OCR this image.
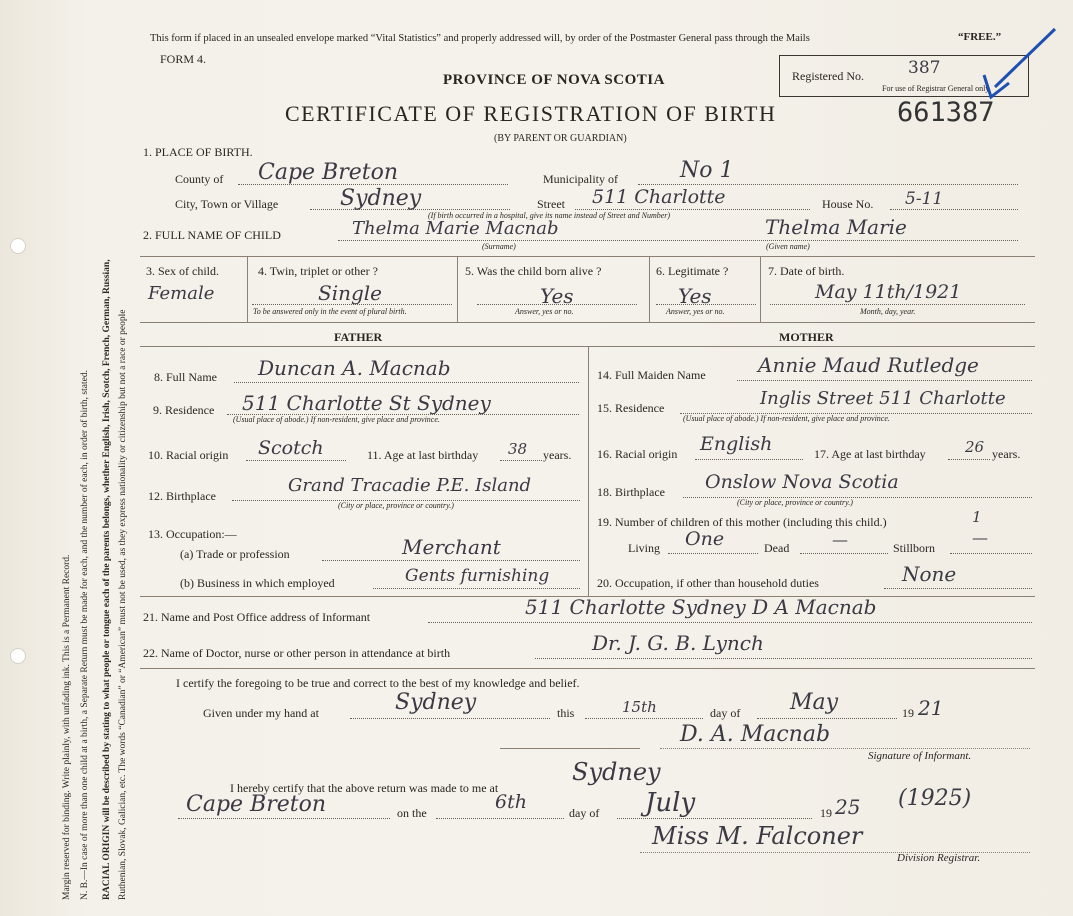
Margin reserved for binding. Write plainly, with unfading ink. This is a Permanent Record. N. B.—In case of more than one child at a birth, a Separate Return must be made for each, and the number of each, in order of birth, stated. RACIAL ORIGIN will be described by stating to what people or tongue each of the parents belongs, whether English, Irish, Scotch, French, German, Russian, Ruthenian, Slovak, Galician, etc. The words “Canadian” or “American” must not be used, as they express nationality or citizenship but not a race or people
This form if placed in an unsealed envelope marked “Vital Statistics” and properly addressed will, by order of the Postmaster General pass through the Mails	“FREE.”
FORM 4.
PROVINCE OF NOVA SCOTIA
CERTIFICATE OF REGISTRATION OF BIRTH
(BY PARENT OR GUARDIAN)
661387
Registered No.	387
For use of Registrar General only.
1. PLACE OF BIRTH.
County of Cape Breton	Municipality of	No 1
City, Town or Village	Sydney	Street 511 Charlotte	House No. 5-11
(If birth occurred in a hospital, give its name instead of Street and Number)
2. FULL NAME OF CHILD	Thelma Marie Macnab
(Surname)
Thelma Marie
(Given name)
3. Sex of child.
Female
4. Twin, triplet or other ?
Single
To be answered only in the event of plural birth.
5. Was the child born alive ?
Yes
Answer, yes or no.
6. Legitimate ?
Yes
Answer, yes or no.
7. Date of birth.
May 11th/1921
Month, day, year.
FATHER	MOTHER
8. Full Name Duncan A. Macnab
9. Residence 511 Charlotte St Sydney
(Usual place of abode.) If non-resident, give place and province.
10. Racial origin Scotch	11. Age at last birthday 38 years.
12. Birthplace	Grand Tracadie P.E. Island
(City or place, province or country.)
13. Occupation:—
(a) Trade or profession	Merchant
(b) Business in which employed	Gents furnishing
14. Full Maiden Name	Annie Maud Rutledge
15. Residence	Inglis Street 511 Charlotte
(Usual place of abode.) If non-resident, give place and province.
16. Racial origin English	17. Age at last birthday	26 years.
18. Birthplace Onslow Nova Scotia
(City or place, province or country.)
19. Number of children of this mother (including this child.)	1
Living One	Dead	—	Stillborn
—
20. Occupation, if other than household duties	None
21. Name and Post Office address of Informant	511 Charlotte Sydney D A Macnab
22. Name of Doctor, nurse or other person in attendance at birth	Dr. J. G. B. Lynch
I certify the foregoing to be true and correct to the best of my knowledge and belief.
Given under my hand at	Sydney	this	15th	day of May	19 21
D. A. Macnab
Signature of Informant.
I hereby certify that the above return was made to me at
Sydney
Cape Breton	on the	6th	day of July	19 25 (1925)
Miss M. Falconer
Division Registrar.
